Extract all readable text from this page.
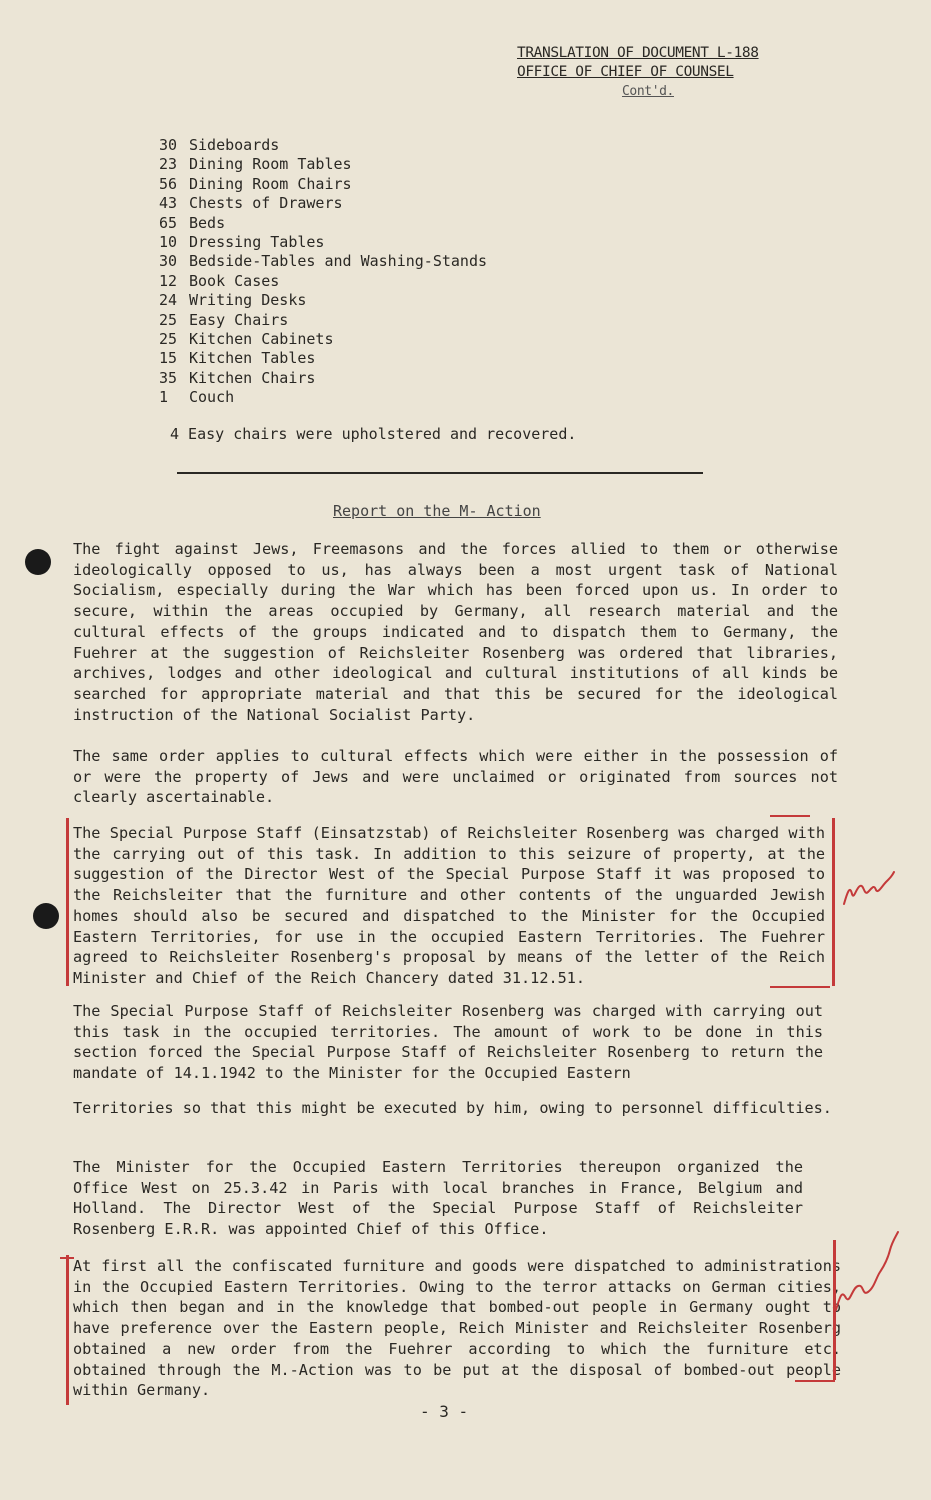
TRANSLATION OF DOCUMENT L-188
OFFICE OF CHIEF OF COUNSEL
Cont'd.
30 Sideboards
23 Dining Room Tables
56 Dining Room Chairs
43 Chests of Drawers
65 Beds
10 Dressing Tables
30 Bedside-Tables and Washing-Stands
12 Book Cases
24 Writing Desks
25 Easy Chairs
25 Kitchen Cabinets
15 Kitchen Tables
35 Kitchen Chairs
1 Couch
4 Easy chairs were upholstered and recovered.
Report on the M- Action

The fight against Jews, Freemasons and the forces allied to them or otherwise ideologically opposed to us, has always been a most urgent task of National Socialism, especially during the War which has been forced upon us. In order to secure, within the areas occupied by Germany, all research material and the cultural effects of the groups indicated and to dispatch them to Germany, the Fuehrer at the suggestion of Reichsleiter Rosenberg was ordered that libraries, archives, lodges and other ideological and cultural institutions of all kinds be searched for appropriate material and that this be secured for the ideological instruction of the National Socialist Party.

The same order applies to cultural effects which were either in the possession of or were the property of Jews and were unclaimed or originated from sources not clearly ascertainable.

The Special Purpose Staff (Einsatzstab) of Reichsleiter Rosenberg was charged with the carrying out of this task. In addition to this seizure of property, at the suggestion of the Director West of the Special Purpose Staff it was proposed to the Reichsleiter that the furniture and other contents of the unguarded Jewish homes should also be secured and dispatched to the Minister for the Occupied Eastern Territories, for use in the occupied Eastern Territories. The Fuehrer agreed to Reichsleiter Rosenberg's proposal by means of the letter of the Reich Minister and Chief of the Reich Chancery dated 31.12.51.

The Special Purpose Staff of Reichsleiter Rosenberg was charged with carrying out this task in the occupied territories. The amount of work to be done in this section forced the Special Purpose Staff of Reichsleiter Rosenberg to return the mandate of 14.1.1942 to the Minister for the Occupied Eastern

Territories so that this might be executed by him, owing to personnel difficulties.

The Minister for the Occupied Eastern Territories thereupon organized the Office West on 25.3.42 in Paris with local branches in France, Belgium and Holland. The Director West of the Special Purpose Staff of Reichsleiter Rosenberg E.R.R. was appointed Chief of this Office.

At first all the confiscated furniture and goods were dispatched to administrations in the Occupied Eastern Territories. Owing to the terror attacks on German cities, which then began and in the knowledge that bombed-out people in Germany ought to have preference over the Eastern people, Reich Minister and Reichsleiter Rosenberg obtained a new order from the Fuehrer according to which the furniture etc. obtained through the M.-Action was to be put at the disposal of bombed-out people within Germany.

- 3 -
